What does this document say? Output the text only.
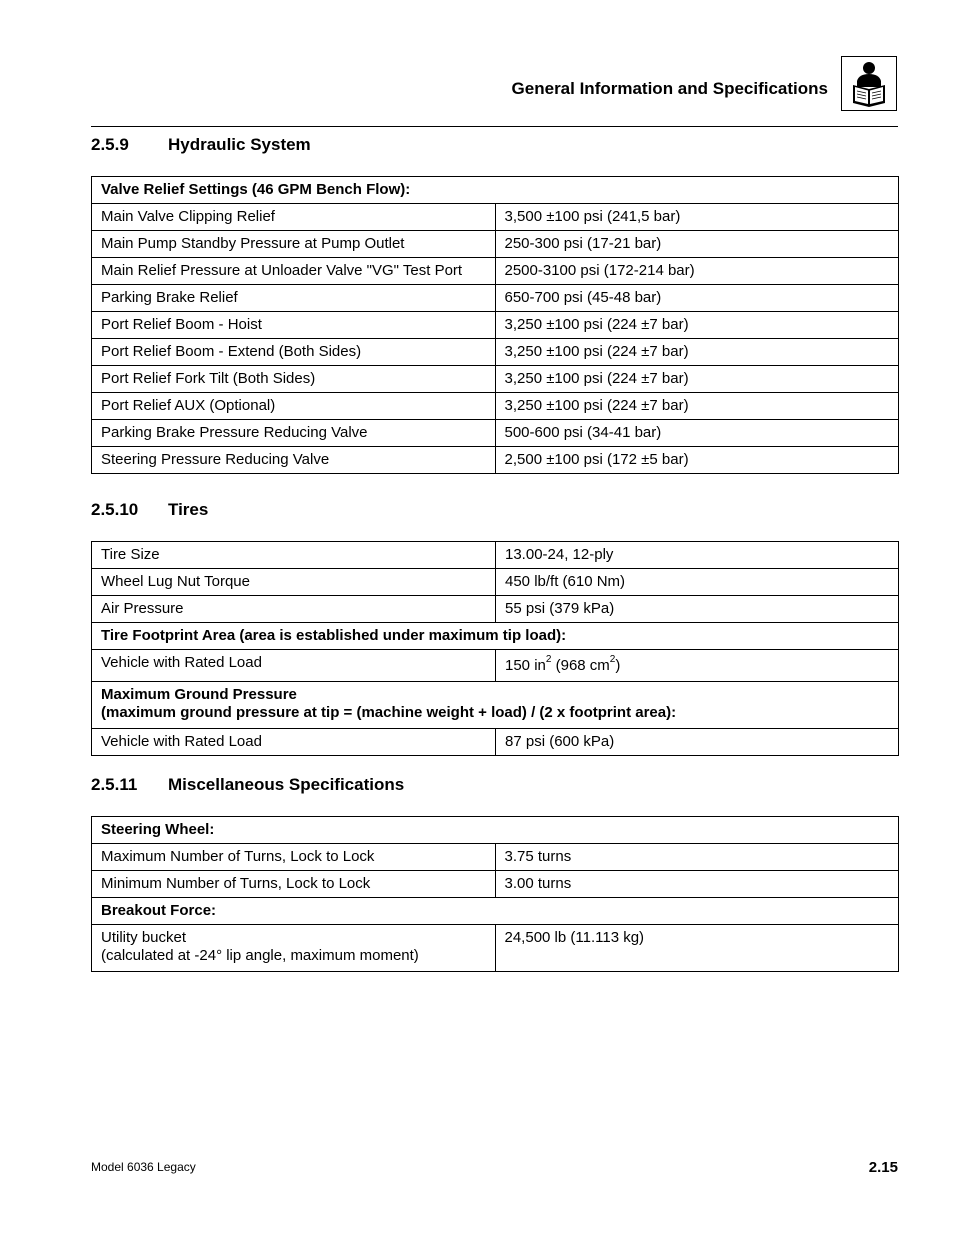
General Information and Specifications
2.5.9 Hydraulic System
Valve Relief Settings (46 GPM Bench Flow):	
Main Valve Clipping Relief	3,500 ±100 psi (241,5 bar)
Main Pump Standby Pressure at Pump Outlet	250-300 psi (17-21 bar)
Main Relief Pressure at Unloader Valve "VG" Test Port	2500-3100 psi (172-214 bar)
Parking Brake Relief	650-700 psi (45-48 bar)
Port Relief Boom - Hoist	3,250 ±100 psi (224 ±7 bar)
Port Relief Boom - Extend (Both Sides)	3,250 ±100 psi (224 ±7 bar)
Port Relief Fork Tilt (Both Sides)	3,250 ±100 psi (224 ±7 bar)
Port Relief AUX (Optional)	3,250 ±100 psi (224 ±7 bar)
Parking Brake Pressure Reducing Valve	500-600 psi (34-41 bar)
Steering Pressure Reducing Valve	2,500 ±100 psi (172 ±5 bar)
2.5.10 Tires
Tire Size	13.00-24, 12-ply
Wheel Lug Nut Torque	450 lb/ft (610 Nm)
Air Pressure	55 psi (379 kPa)
Tire Footprint Area (area is established under maximum tip load):	
Vehicle with Rated Load	150 $in^2$ (968 $cm^2$)

Maximum Ground Pressure
(maximum ground pressure at tip = (machine weight + load) / (2 x footprint area):	

Vehicle with Rated Load	87 psi (600 kPa)
2.5.11 Miscellaneous Specifications
Steering Wheel:	
Maximum Number of Turns, Lock to Lock	3.75 turns
Minimum Number of Turns, Lock to Lock	3.00 turns
Breakout Force:	

Utility bucket
(calculated at -24° lip angle, maximum moment)	24,500 lb (11.113 kg)
Model 6036 Legacy	2.15
